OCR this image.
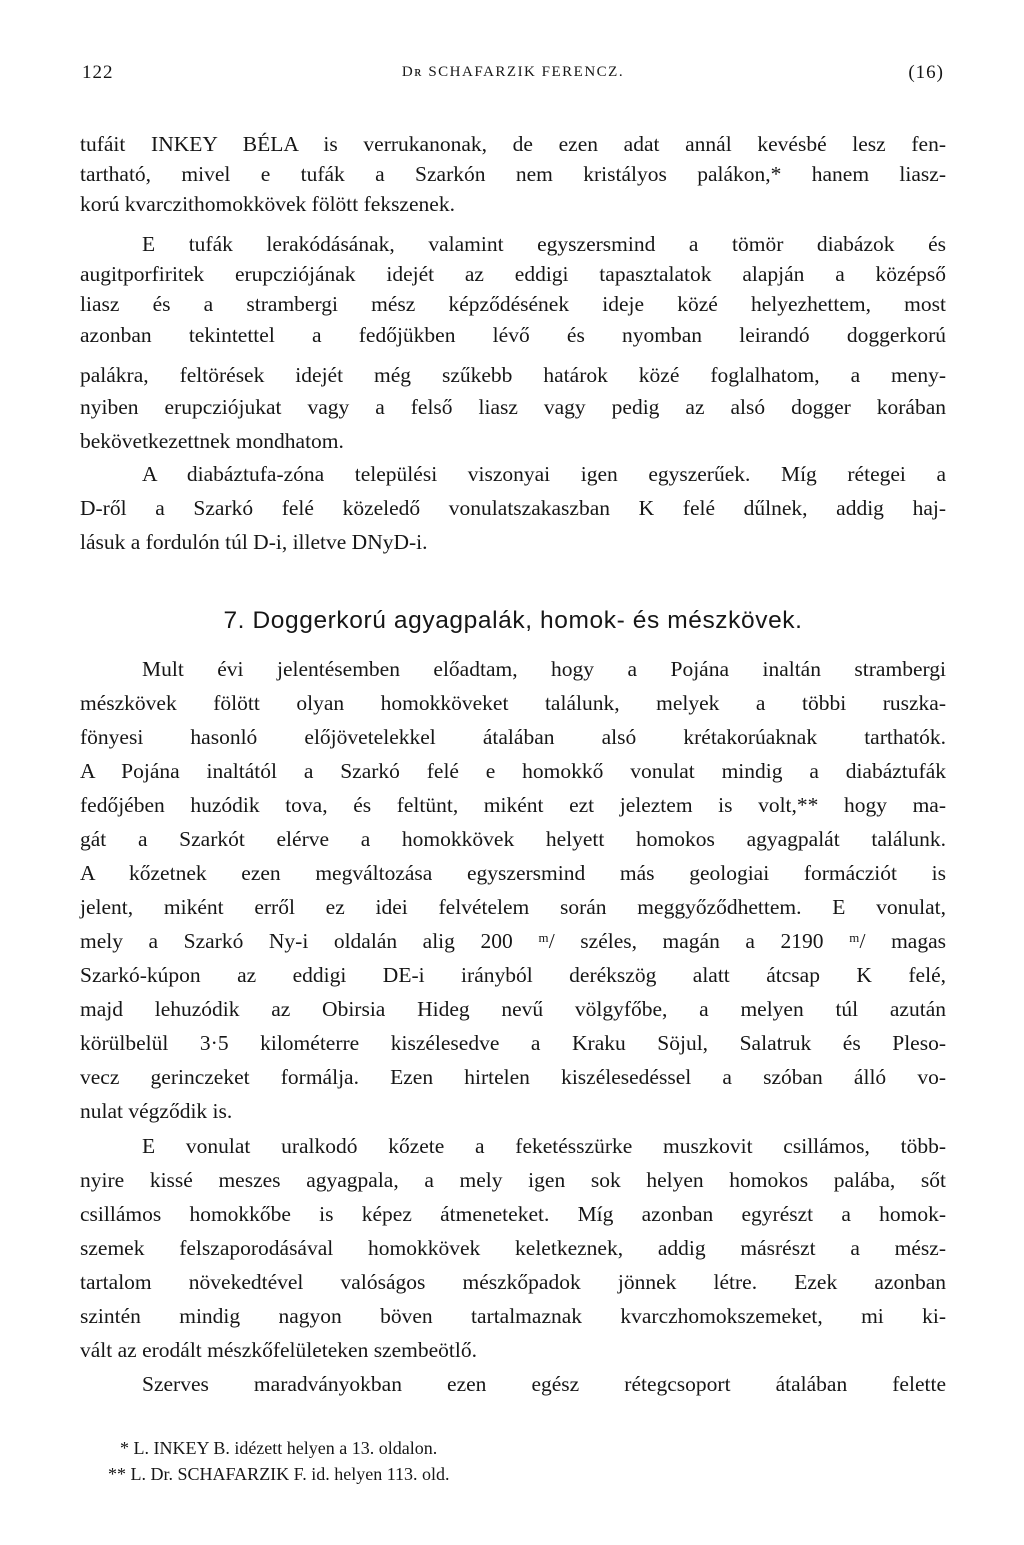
122	Dʀ SCHAFARZIK FERENCZ.	(16)
tufáit INKEY BÉLA is verrukanonak, de ezen adat annál kevésbé lesz fen-
tartható, mivel e tufák a Szarkón nem kristályos palákon,* hanem liasz-
korú kvarczithomokkövek fölött fekszenek.
E tufák lerakódásának, valamint egyszersmind a tömör diabázok és
augitporfiritek erupcziójának idejét az eddigi tapasztalatok alapján a középső
liasz és a strambergi mész képződésének ideje közé helyezhettem, most
azonban tekintettel a fedőjükben lévő és nyomban leirandó doggerkorú
palákra, feltörések idejét még szűkebb határok közé foglalhatom, a meny-
nyiben erupcziójukat vagy a felső liasz vagy pedig az alsó dogger korában
bekövetkezettnek mondhatom.
A diabáztufa-zóna települési viszonyai igen egyszerűek. Míg rétegei a
D-ről a Szarkó felé közeledő vonulatszakaszban K felé dűlnek, addig haj-
lásuk a fordulón túl D-i, illetve DNyD-i.
7. Doggerkorú agyagpalák, homok- és mészkövek.
Mult évi jelentésemben előadtam, hogy a Pojána inaltán strambergi
mészkövek fölött olyan homokköveket találunk, melyek a többi ruszka-
fönyesi hasonló előjövetelekkel átalában alsó krétakorúaknak tarthatók.
A Pojána inaltától a Szarkó felé e homokkő vonulat mindig a diabáztufák
fedőjében huzódik tova, és feltünt, miként ezt jeleztem is volt,** hogy ma-
gát a Szarkót elérve a homokkövek helyett homokos agyagpalát találunk.
A kőzetnek ezen megváltozása egyszersmind más geologiai formácziót is
jelent, miként erről ez idei felvételem során meggyőződhettem. E vonulat,
mely a Szarkó Ny-i oldalán alig 200 ᵐ/ széles, magán a 2190 ᵐ/ magas
Szarkó-kúpon az eddigi DE-i irányból derékszög alatt átcsap K felé,
majd lehuzódik az Obirsia Hideg nevű völgyfőbe, a melyen túl azután
körülbelül 3·5 kilométerre kiszélesedve a Kraku Söjul, Salatruk és Pleso-
vecz gerinczeket formálja. Ezen hirtelen kiszélesedéssel a szóban álló vo-
nulat végződik is.
E vonulat uralkodó kőzete a feketésszürke muszkovit csillámos, több-
nyire kissé meszes agyagpala, a mely igen sok helyen homokos palába, sőt
csillámos homokkőbe is képez átmeneteket. Míg azonban egyrészt a homok-
szemek felszaporodásával homokkövek keletkeznek, addig másrészt a mész-
tartalom növekedtével valóságos mészkőpadok jönnek létre. Ezek azonban
szintén mindig nagyon böven tartalmaznak kvarczhomokszemeket, mi ki-
vált az erodált mészkőfelületeken szembeötlő.
Szerves maradványokban ezen egész rétegcsoport átalában felette
* L. INKEY B. idézett helyen a 13. oldalon.
** L. Dr. SCHAFARZIK F. id. helyen 113. old.
